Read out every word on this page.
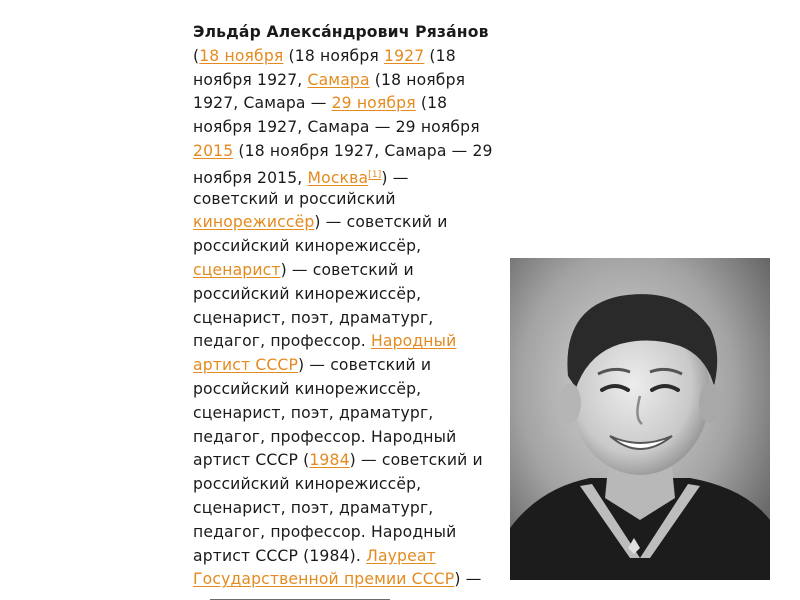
Эльда́р Алекса́ндрович Ряза́нов
(18 ноября (18 ноября 1927 (18
ноября 1927, Самара (18 ноября
1927, Самара — 29 ноября (18
ноября 1927, Самара — 29 ноября
2015 (18 ноября 1927, Самара — 29
ноября 2015, Москва[1]) —
советский и российский
кинорежиссёр) — советский и
российский кинорежиссёр,
сценарист) — советский и
российский кинорежиссёр,
сценарист, поэт, драматург,
педагог, профессор. Народный
артист СССР) — советский и
российский кинорежиссёр,
сценарист, поэт, драматург,
педагог, профессор. Народный
артист СССР (1984) — советский и
российский кинорежиссёр,
сценарист, поэт, драматург,
педагог, профессор. Народный
артист СССР (1984). Лауреат
Государственной премии СССР) —
